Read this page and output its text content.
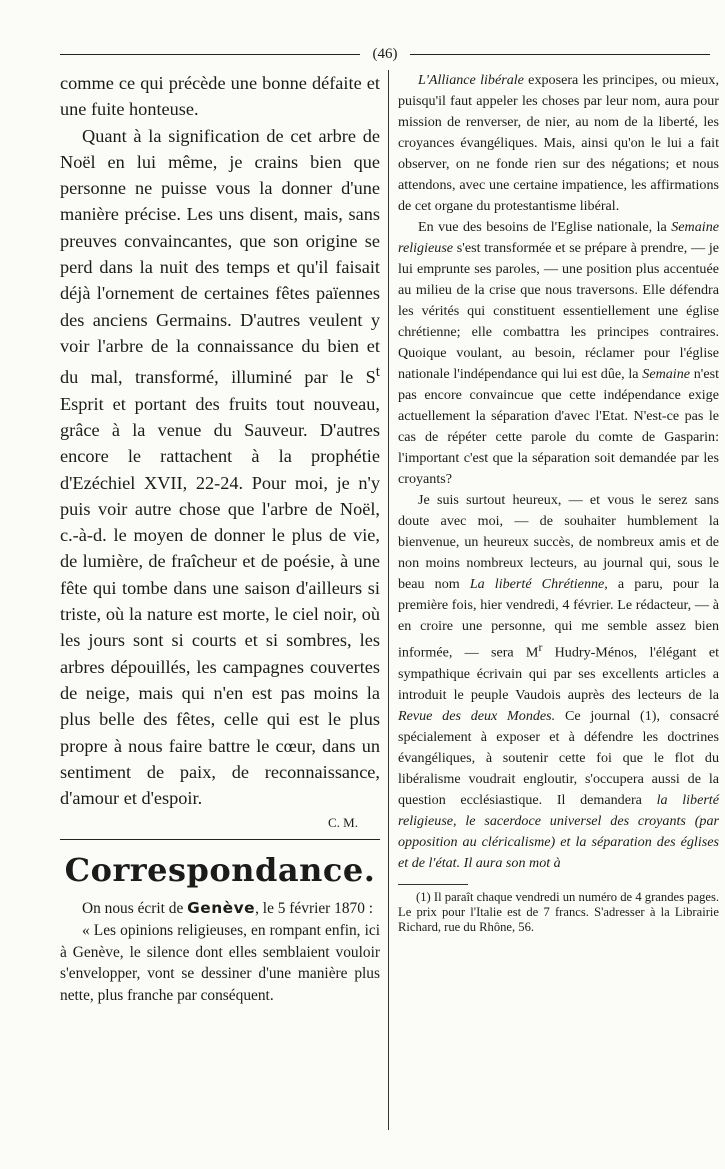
(46)

comme ce qui précède une bonne défaite et une fuite honteuse.

Quant à la signification de cet arbre de Noël en lui même, je crains bien que personne ne puisse vous la donner d'une manière précise. Les uns disent, mais, sans preuves convaincantes, que son origine se perd dans la nuit des temps et qu'il faisait déjà l'ornement de certaines fêtes païennes des anciens Germains. D'autres veulent y voir l'arbre de la connaissance du bien et du mal, transformé, illuminé par le $S^t$ Esprit et portant des fruits tout nouveau, grâce à la venue du Sauveur. D'autres encore le rattachent à la prophétie d'Ezéchiel XVII, 22-24. Pour moi, je n'y puis voir autre chose que l'arbre de Noël, c.-à-d. le moyen de donner le plus de vie, de lumière, de fraîcheur et de poésie, à une fête qui tombe dans une saison d'ailleurs si triste, où la nature est morte, le ciel noir, où les jours sont si courts et si sombres, les arbres dépouillés, les campagnes couvertes de neige, mais qui n'en est pas moins la plus belle des fêtes, celle qui est le plus propre à nous faire battre le cœur, dans un sentiment de paix, de reconnaissance, d'amour et d'espoir.

C. M.
Correspondance.

On nous écrit de Genève, le 5 février 1870 :

« Les opinions religieuses, en rompant enfin, ici à Genève, le silence dont elles semblaient vouloir s'envelopper, vont se dessiner d'une manière plus nette, plus franche par conséquent.

L'Alliance libérale exposera les principes, ou mieux, puisqu'il faut appeler les choses par leur nom, aura pour mission de renverser, de nier, au nom de la liberté, les croyances évangéliques. Mais, ainsi qu'on le lui a fait observer, on ne fonde rien sur des négations; et nous attendons, avec une certaine impatience, les affirmations de cet organe du protestantisme libéral.

En vue des besoins de l'Eglise nationale, la Semaine religieuse s'est transformée et se prépare à prendre, — je lui emprunte ses paroles, — une position plus accentuée au milieu de la crise que nous traversons. Elle défendra les vérités qui constituent essentiellement une église chrétienne; elle combattra les principes contraires. Quoique voulant, au besoin, réclamer pour l'église nationale l'indépendance qui lui est dûe, la Semaine n'est pas encore convaincue que cette indépendance exige actuellement la séparation d'avec l'Etat. N'est-ce pas le cas de répéter cette parole du comte de Gasparin: l'important c'est que la séparation soit demandée par les croyants?

Je suis surtout heureux, — et vous le serez sans doute avec moi, — de souhaiter humblement la bienvenue, un heureux succès, de nombreux amis et de non moins nombreux lecteurs, au journal qui, sous le beau nom La liberté Chrétienne, a paru, pour la première fois, hier vendredi, 4 février. Le rédacteur, — à en croire une personne, qui me semble assez bien informée, — sera $M^r$ Hudry-Ménos, l'élégant et sympathique écrivain qui par ses excellents articles a introduit le peuple Vaudois auprès des lecteurs de la Revue des deux Mondes. Ce journal (1), consacré spécialement à exposer et à défendre les doctrines évangéliques, à soutenir cette foi que le flot du libéralisme voudrait engloutir, s'occupera aussi de la question ecclésiastique. Il demandera la liberté religieuse, le sacerdoce universel des croyants (par opposition au cléricalisme) et la séparation des églises et de l'état. Il aura son mot à

(1) Il paraît chaque vendredi un numéro de 4 grandes pages. Le prix pour l'Italie est de 7 francs. S'adresser à la Librairie Richard, rue du Rhône, 56.
